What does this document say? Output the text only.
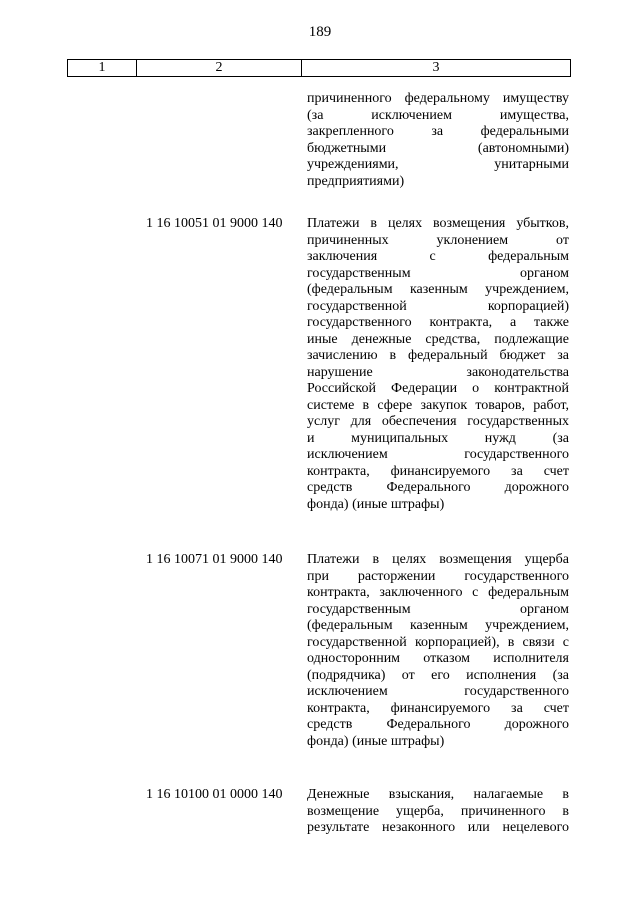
189
1	2	3
причиненного федеральному имуществу
(за исключением имущества,
закрепленного за федеральными
бюджетными (автономными)
учреждениями, унитарными
предприятиями)
1 16 10051 01 9000 140 Платежи в целях возмещения убытков,
причиненных уклонением от
заключения с федеральным
государственным органом
(федеральным казенным учреждением,
государственной корпорацией)
государственного контракта, а также
иные денежные средства, подлежащие
зачислению в федеральный бюджет за
нарушение законодательства
Российской Федерации о контрактной
системе в сфере закупок товаров, работ,
услуг для обеспечения государственных
и муниципальных нужд (за
исключением государственного
контракта, финансируемого за счет
средств Федерального дорожного
фонда) (иные штрафы)
1 16 10071 01 9000 140 Платежи в целях возмещения ущерба
при расторжении государственного
контракта, заключенного с федеральным
государственным органом
(федеральным казенным учреждением,
государственной корпорацией), в связи с
односторонним отказом исполнителя
(подрядчика) от его исполнения (за
исключением государственного
контракта, финансируемого за счет
средств Федерального дорожного
фонда) (иные штрафы)
1 16 10100 01 0000 140 Денежные взыскания, налагаемые в
возмещение ущерба, причиненного в
результате незаконного или нецелевого
